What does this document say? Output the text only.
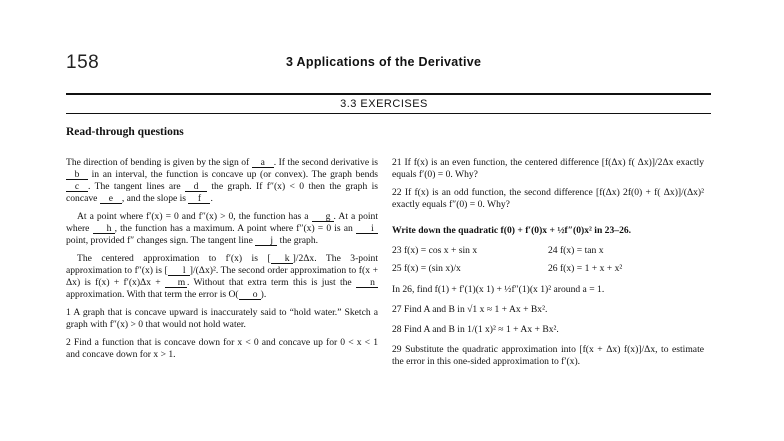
158	3 Applications of the Derivative
3.3 EXERCISES
Read-through questions

The direction of bending is given by the sign of a . If the second derivative is b in an interval, the function is concave up (or convex). The graph bends c . The tangent lines are d the graph. If f″(x) < 0 then the graph is concave e , and the slope is f .

At a point where f′(x) = 0 and f″(x) > 0, the function has a g . At a point where h , the function has a maximum. A point where f″(x) = 0 is an i point, provided f″ changes sign. The tangent line j the graph.

The centered approximation to f′(x) is [ k ]/2Δx. The 3-point approximation to f″(x) is [ l ]/(Δx)². The second order approximation to f(x + Δx) is f(x) + f′(x)Δx + m . Without that extra term this is just the n approximation. With that term the error is O( o ).

1 A graph that is concave upward is inaccurately said to “hold water.” Sketch a graph with f″(x) > 0 that would not hold water.

2 Find a function that is concave down for x < 0 and concave up for 0 < x < 1 and concave down for x > 1.

21 If f(x) is an even function, the centered difference [f(Δx) f( Δx)]/2Δx exactly equals f′(0) = 0. Why?

22 If f(x) is an odd function, the second difference [f(Δx) 2f(0) + f( Δx)]/(Δx)² exactly equals f″(0) = 0. Why?

Write down the quadratic f(0) + f′(0)x + ½f″(0)x² in 23–26.

23 f(x) = cos x + sin x	24 f(x) = tan x
25 f(x) = (sin x)/x	26 f(x) = 1 + x + x²

In 26, find f(1) + f′(1)(x 1) + ½f″(1)(x 1)² around a = 1.

27 Find A and B in √1 x ≈ 1 + Ax + Bx².

28 Find A and B in 1/(1 x)² ≈ 1 + Ax + Bx².

29 Substitute the quadratic approximation into [f(x + Δx) f(x)]/Δx, to estimate the error in this one-sided approximation to f′(x).
